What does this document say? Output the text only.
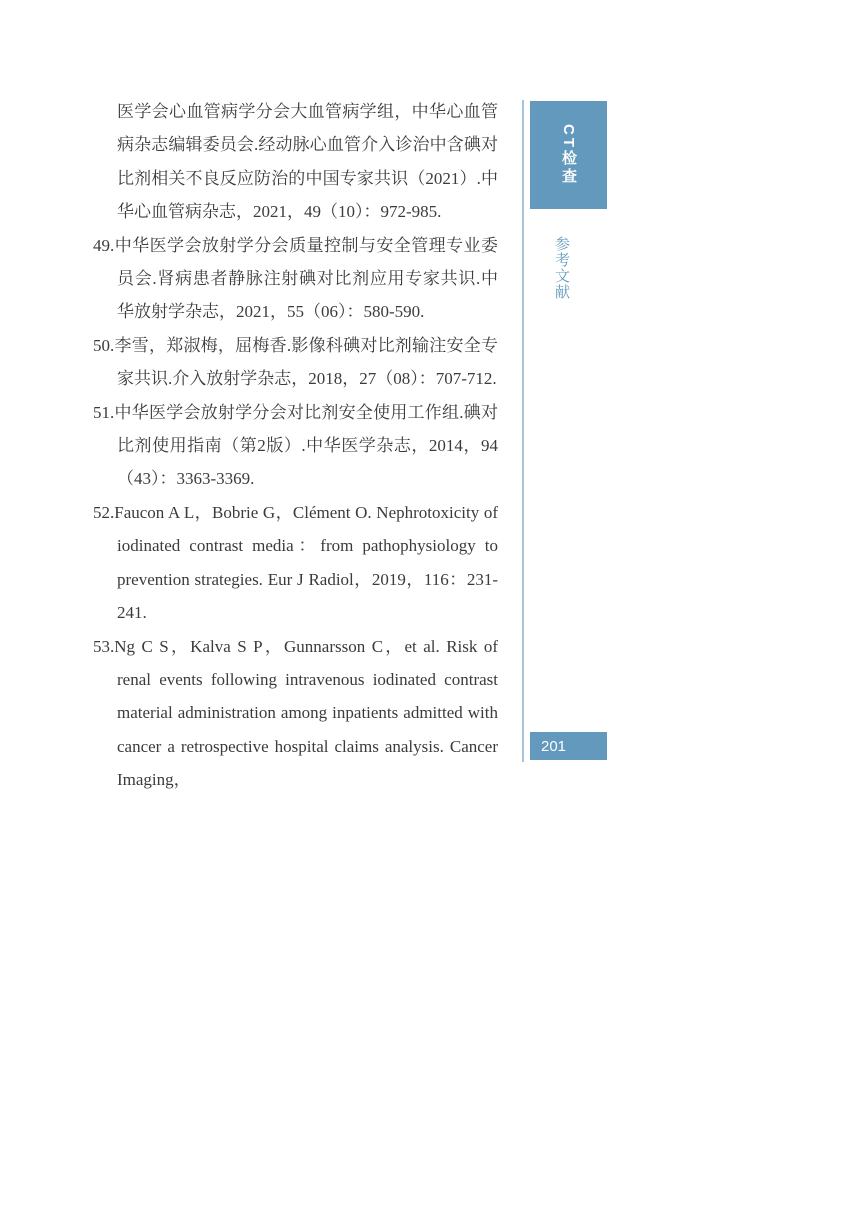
医学会心血管病学分会大血管病学组，中华心血管病杂志编辑委员会.经动脉心血管介入诊治中含碘对比剂相关不良反应防治的中国专家共识（2021）.中华心血管病杂志，2021，49（10）：972-985.

49.中华医学会放射学分会质量控制与安全管理专业委员会.肾病患者静脉注射碘对比剂应用专家共识.中华放射学杂志，2021，55（06）：580-590.

50.李雪，郑淑梅，屈梅香.影像科碘对比剂输注安全专家共识.介入放射学杂志，2018，27（08）：707-712.

51.中华医学会放射学分会对比剂安全使用工作组.碘对比剂使用指南（第2版）.中华医学杂志，2014，94（43）：3363-3369.

52.Faucon A L，Bobrie G，Clément O. Nephrotoxicity of iodinated contrast media：from pathophysiology to prevention strategies. Eur J Radiol，2019，116：231-241.

53.Ng C S，Kalva S P，Gunnarsson C，et al. Risk of renal events following intravenous iodinated contrast material administration among inpatients admitted with cancer a retrospective hospital claims analysis. Cancer Imaging，

CT检查
参考文献
201
